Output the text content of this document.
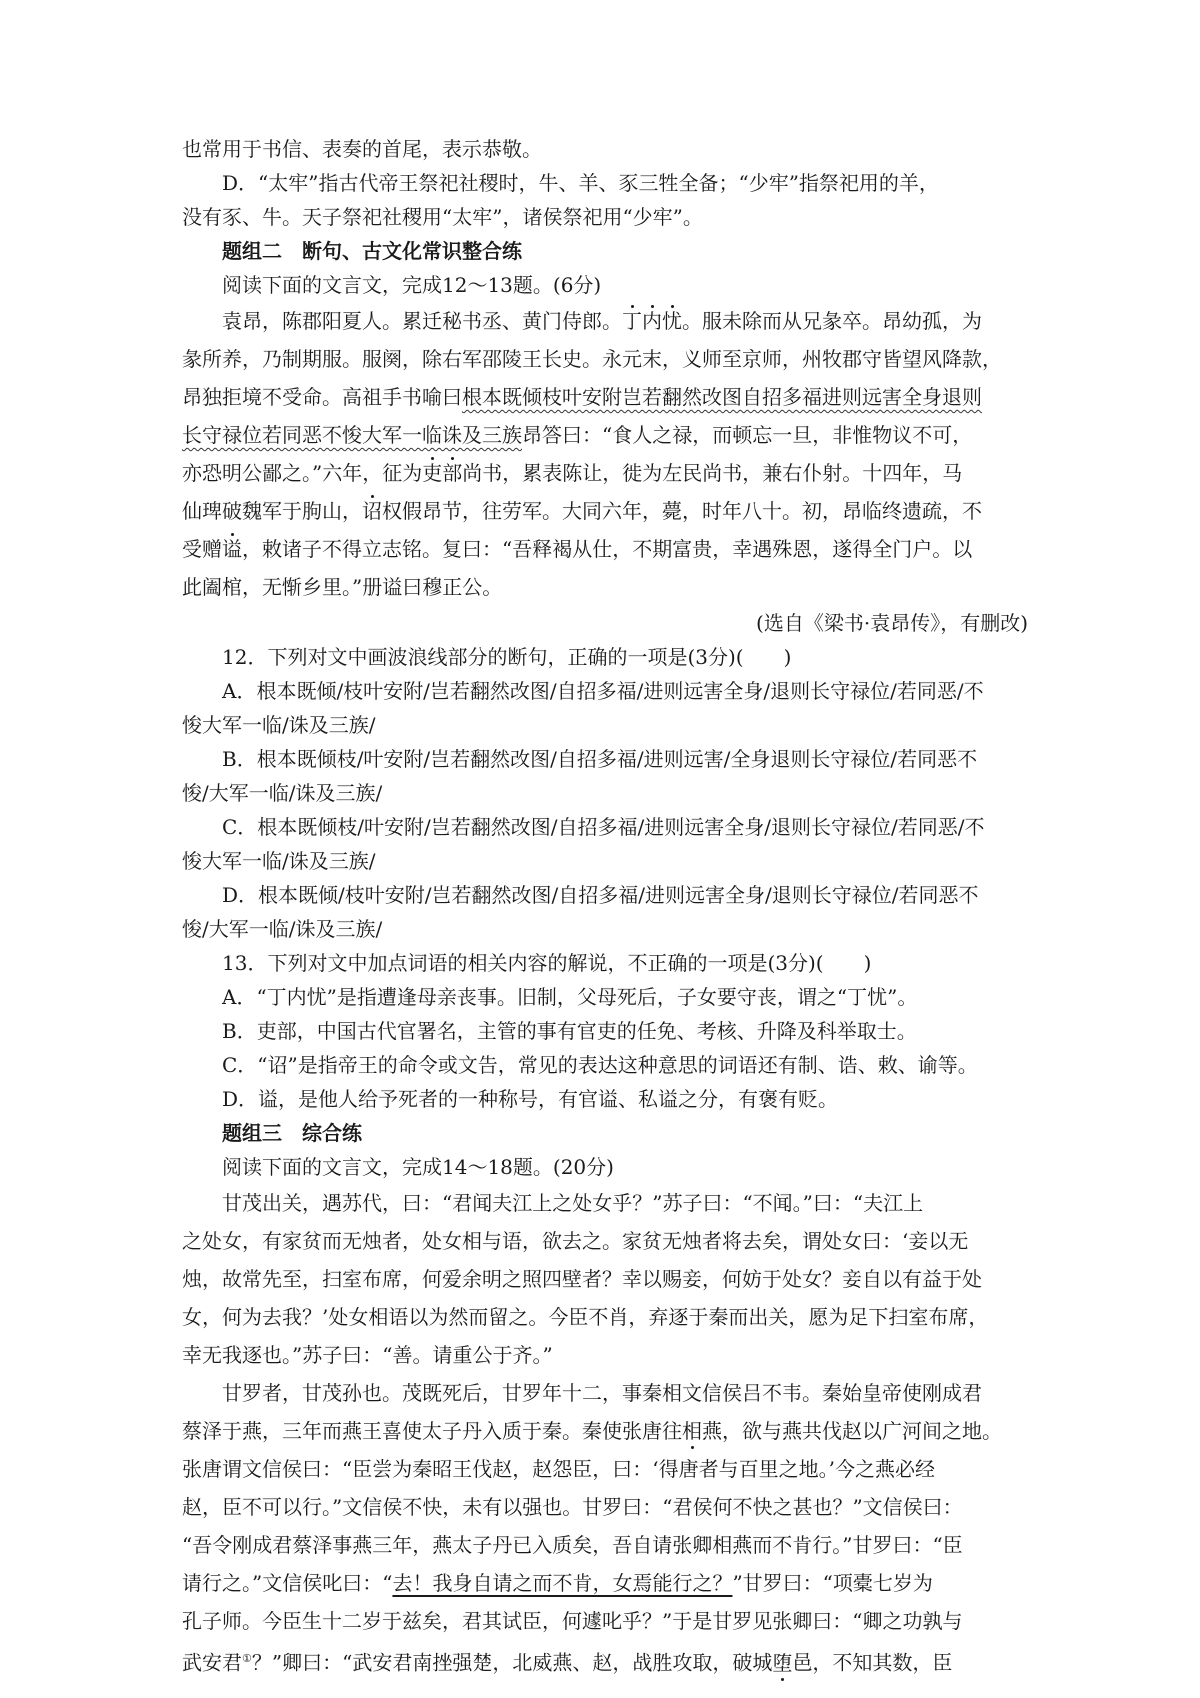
也常用于书信、表奏的首尾，表示恭敬。
D．“太牢”指古代帝王祭祀社稷时，牛、羊、豕三牲全备；“少牢”指祭祀用的羊，
没有豕、牛。天子祭祀社稷用“太牢”，诸侯祭祀用“少牢”。
题组二　断句、古文化常识整合练
阅读下面的文言文，完成12～13题。(6分)
袁昂，陈郡阳夏人。累迁秘书丞、黄门侍郎。丁内忧。服未除而从兄彖卒。昂幼孤，为
彖所养，乃制期服。服阕，除右军邵陵王长史。永元末，义师至京师，州牧郡守皆望风降款，
昂独拒境不受命。高祖手书喻曰根本既倾枝叶安附岂若翻然改图自招多福进则远害全身退则
长守禄位若同恶不悛大军一临诛及三族昂答曰：“食人之禄，而顿忘一旦，非惟物议不可，
亦恐明公鄙之。”六年，征为吏部尚书，累表陈让，徙为左民尚书，兼右仆射。十四年，马
仙琕破魏军于朐山，诏权假昂节，往劳军。大同六年，薨，时年八十。初，昂临终遗疏，不
受赠谥，敕诸子不得立志铭。复曰：“吾释褐从仕，不期富贵，幸遇殊恩，遂得全门户。以
此阖棺，无惭乡里。”册谥曰穆正公。
(选自《梁书·袁昂传》，有删改)
12．下列对文中画波浪线部分的断句，正确的一项是(3分)(　　)
A．根本既倾/枝叶安附/岂若翻然改图/自招多福/进则远害全身/退则长守禄位/若同恶/不
悛大军一临/诛及三族/
B．根本既倾枝/叶安附/岂若翻然改图/自招多福/进则远害/全身退则长守禄位/若同恶不
悛/大军一临/诛及三族/
C．根本既倾枝/叶安附/岂若翻然改图/自招多福/进则远害全身/退则长守禄位/若同恶/不
悛大军一临/诛及三族/
D．根本既倾/枝叶安附/岂若翻然改图/自招多福/进则远害全身/退则长守禄位/若同恶不
悛/大军一临/诛及三族/
13．下列对文中加点词语的相关内容的解说，不正确的一项是(3分)(　　)
A．“丁内忧”是指遭逢母亲丧事。旧制，父母死后，子女要守丧，谓之“丁忧”。
B．吏部，中国古代官署名，主管的事有官吏的任免、考核、升降及科举取士。
C．“诏”是指帝王的命令或文告，常见的表达这种意思的词语还有制、诰、敕、谕等。
D．谥，是他人给予死者的一种称号，有官谥、私谥之分，有褒有贬。
题组三　综合练
阅读下面的文言文，完成14～18题。(20分)
甘茂出关，遇苏代，曰：“君闻夫江上之处女乎？”苏子曰：“不闻。”曰：“夫江上
之处女，有家贫而无烛者，处女相与语，欲去之。家贫无烛者将去矣，谓处女曰：‘妾以无
烛，故常先至，扫室布席，何爱余明之照四壁者？幸以赐妾，何妨于处女？妾自以有益于处
女，何为去我？’处女相语以为然而留之。今臣不肖，弃逐于秦而出关，愿为足下扫室布席，
幸无我逐也。”苏子曰：“善。请重公于齐。”
甘罗者，甘茂孙也。茂既死后，甘罗年十二，事秦相文信侯吕不韦。秦始皇帝使刚成君
蔡泽于燕，三年而燕王喜使太子丹入质于秦。秦使张唐往相燕，欲与燕共伐赵以广河间之地。
张唐谓文信侯曰：“臣尝为秦昭王伐赵，赵怨臣，曰：‘得唐者与百里之地。’今之燕必经
赵，臣不可以行。”文信侯不快，未有以强也。甘罗曰：“君侯何不快之甚也？”文信侯曰：
“吾令刚成君蔡泽事燕三年，燕太子丹已入质矣，吾自请张卿相燕而不肯行。”甘罗曰：“臣
请行之。”文信侯叱曰：“去！我身自请之而不肯，女焉能行之？”甘罗曰：“项橐七岁为
孔子师。今臣生十二岁于兹矣，君其试臣，何遽叱乎？”于是甘罗见张卿曰：“卿之功孰与
武安君①？”卿曰：“武安君南挫强楚，北威燕、赵，战胜攻取，破城堕邑，不知其数，臣
